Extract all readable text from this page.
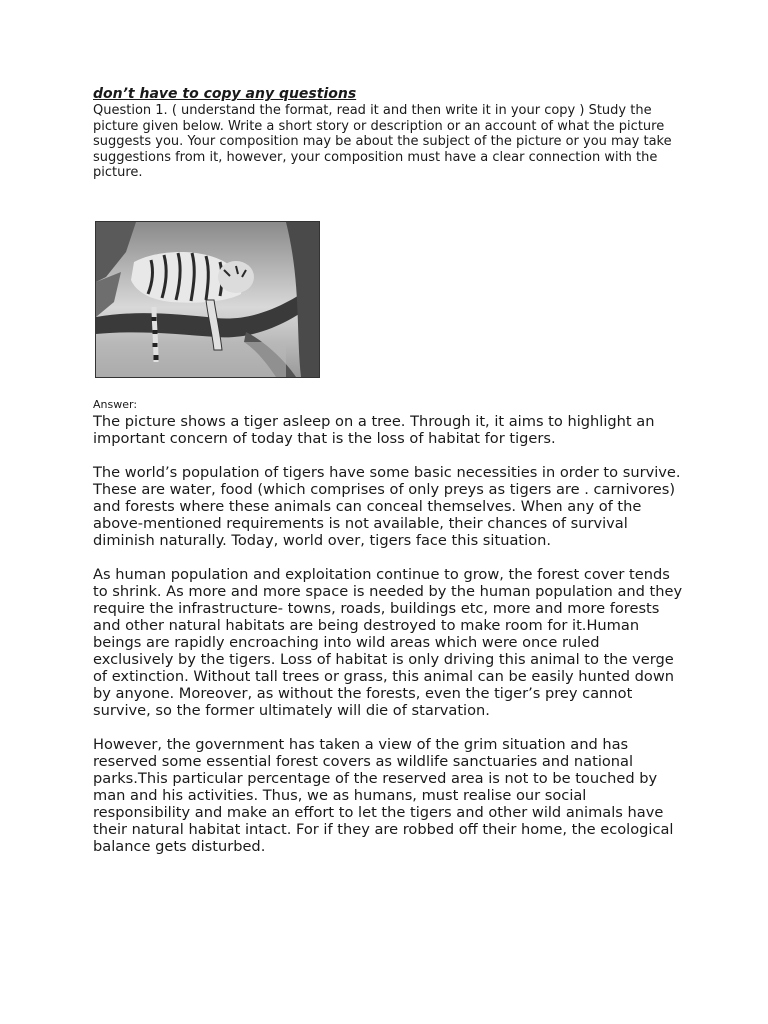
don’t have to copy any questions

Question 1. ( understand the format, read it and then write it in your copy ) Study the picture given below. Write a short story or description or an account of what the picture suggests you. Your composition may be about the subject of the picture or you may take suggestions from it, however, your composition must have a clear connection with the picture.

Answer:

The picture shows a tiger asleep on a tree. Through it, it aims to highlight an important concern of today that is the loss of habitat for tigers.

The world’s population of tigers have some basic necessities in order to survive. These are water, food (which comprises of only preys as tigers are . carnivores) and forests where these animals can conceal themselves. When any of the above-mentioned requirements is not available, their chances of survival diminish naturally. Today, world over, tigers face this situation.

As human population and exploitation continue to grow, the forest cover tends to shrink. As more and more space is needed by the human population and they require the infrastructure- towns, roads, buildings etc, more and more forests and other natural habitats are being destroyed to make room for it.Human beings are rapidly encroaching into wild areas which were once ruled exclusively by the tigers. Loss of habitat is only driving this animal to the verge of extinction. Without tall trees or grass, this animal can be easily hunted down by anyone. Moreover, as without the forests, even the tiger’s prey cannot survive, so the former ultimately will die of starvation.

However, the government has taken a view of the grim situation and has reserved some essential forest covers as wildlife sanctuaries and national parks.This particular percentage of the reserved area is not to be touched by man and his activities. Thus, we as humans, must realise our social responsibility and make an effort to let the tigers and other wild animals have their natural habitat intact. For if they are robbed off their home, the ecological balance gets disturbed.
